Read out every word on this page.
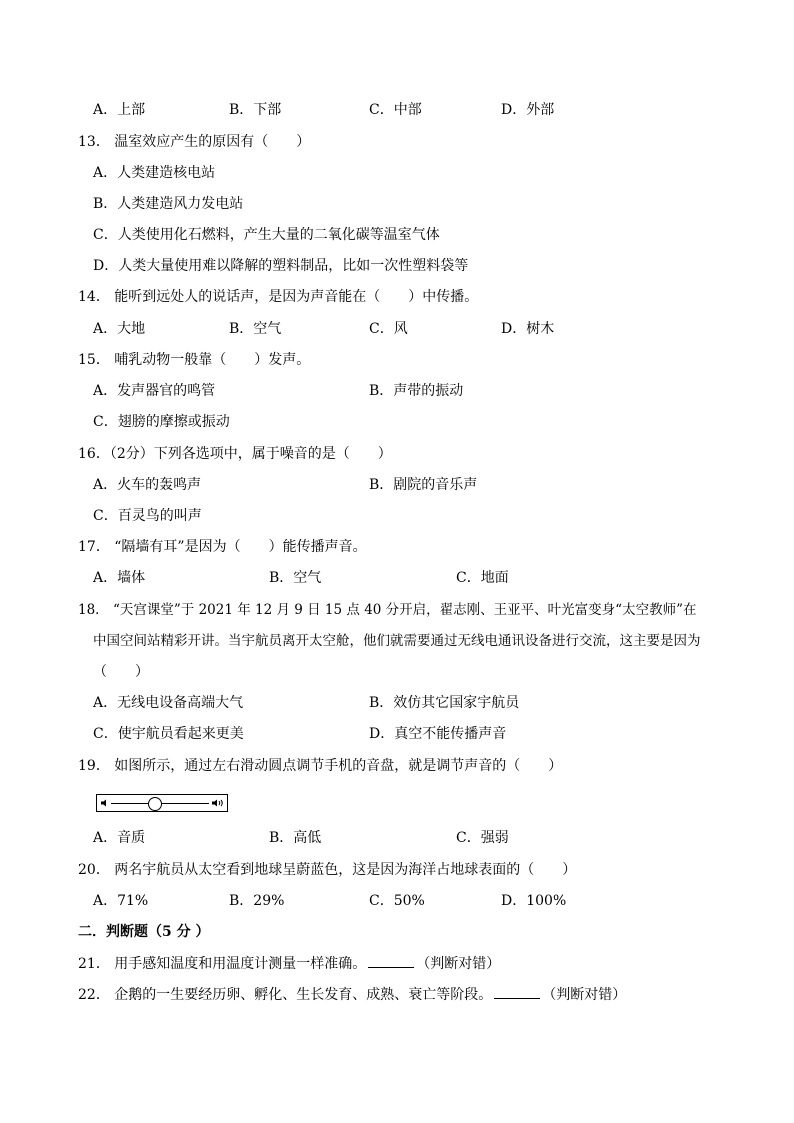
A．上部	B．下部	C．中部	D．外部
13． 温室效应产生的原因有（　　）
A．人类建造核电站
B．人类建造风力发电站
C．人类使用化石燃料，产生大量的二氧化碳等温室气体
D．人类大量使用难以降解的塑料制品，比如一次性塑料袋等
14． 能听到远处人的说话声，是因为声音能在（　　）中传播。
A．大地	B．空气	C．风	D．树木
15． 哺乳动物一般靠（　　）发声。
A．发声器官的鸣管	B．声带的振动
C．翅膀的摩擦或振动
16．（2分）下列各选项中，属于噪音的是（　　）
A．火车的轰鸣声	B．剧院的音乐声
C．百灵鸟的叫声
17． “隔墙有耳”是因为（　　）能传播声音。
A．墙体	B．空气	C．地面
18． “天宫课堂”于 2021 年 12 月 9 日 15 点 40 分开启，翟志刚、王亚平、叶光富变身“太空教师”在
中国空间站精彩开讲。当宇航员离开太空舱，他们就需要通过无线电通讯设备进行交流，这主要是因为
（　　）
A．无线电设备高端大气	B．效仿其它国家宇航员
C．使宇航员看起来更美	D．真空不能传播声音
19． 如图所示，通过左右滑动圆点调节手机的音盘，就是调节声音的（　　）
A．音质	B．高低	C．强弱
20． 两名宇航员从太空看到地球呈蔚蓝色，这是因为海洋占地球表面的（　　）
A．71%	B．29%	C．50%	D．100%
二．判断题（5 分 ）
21． 用手感知温度和用温度计测量一样准确。	（判断对错）
22． 企鹅的一生要经历卵、孵化、生长发育、成熟、衰亡等阶段。	（判断对错）
